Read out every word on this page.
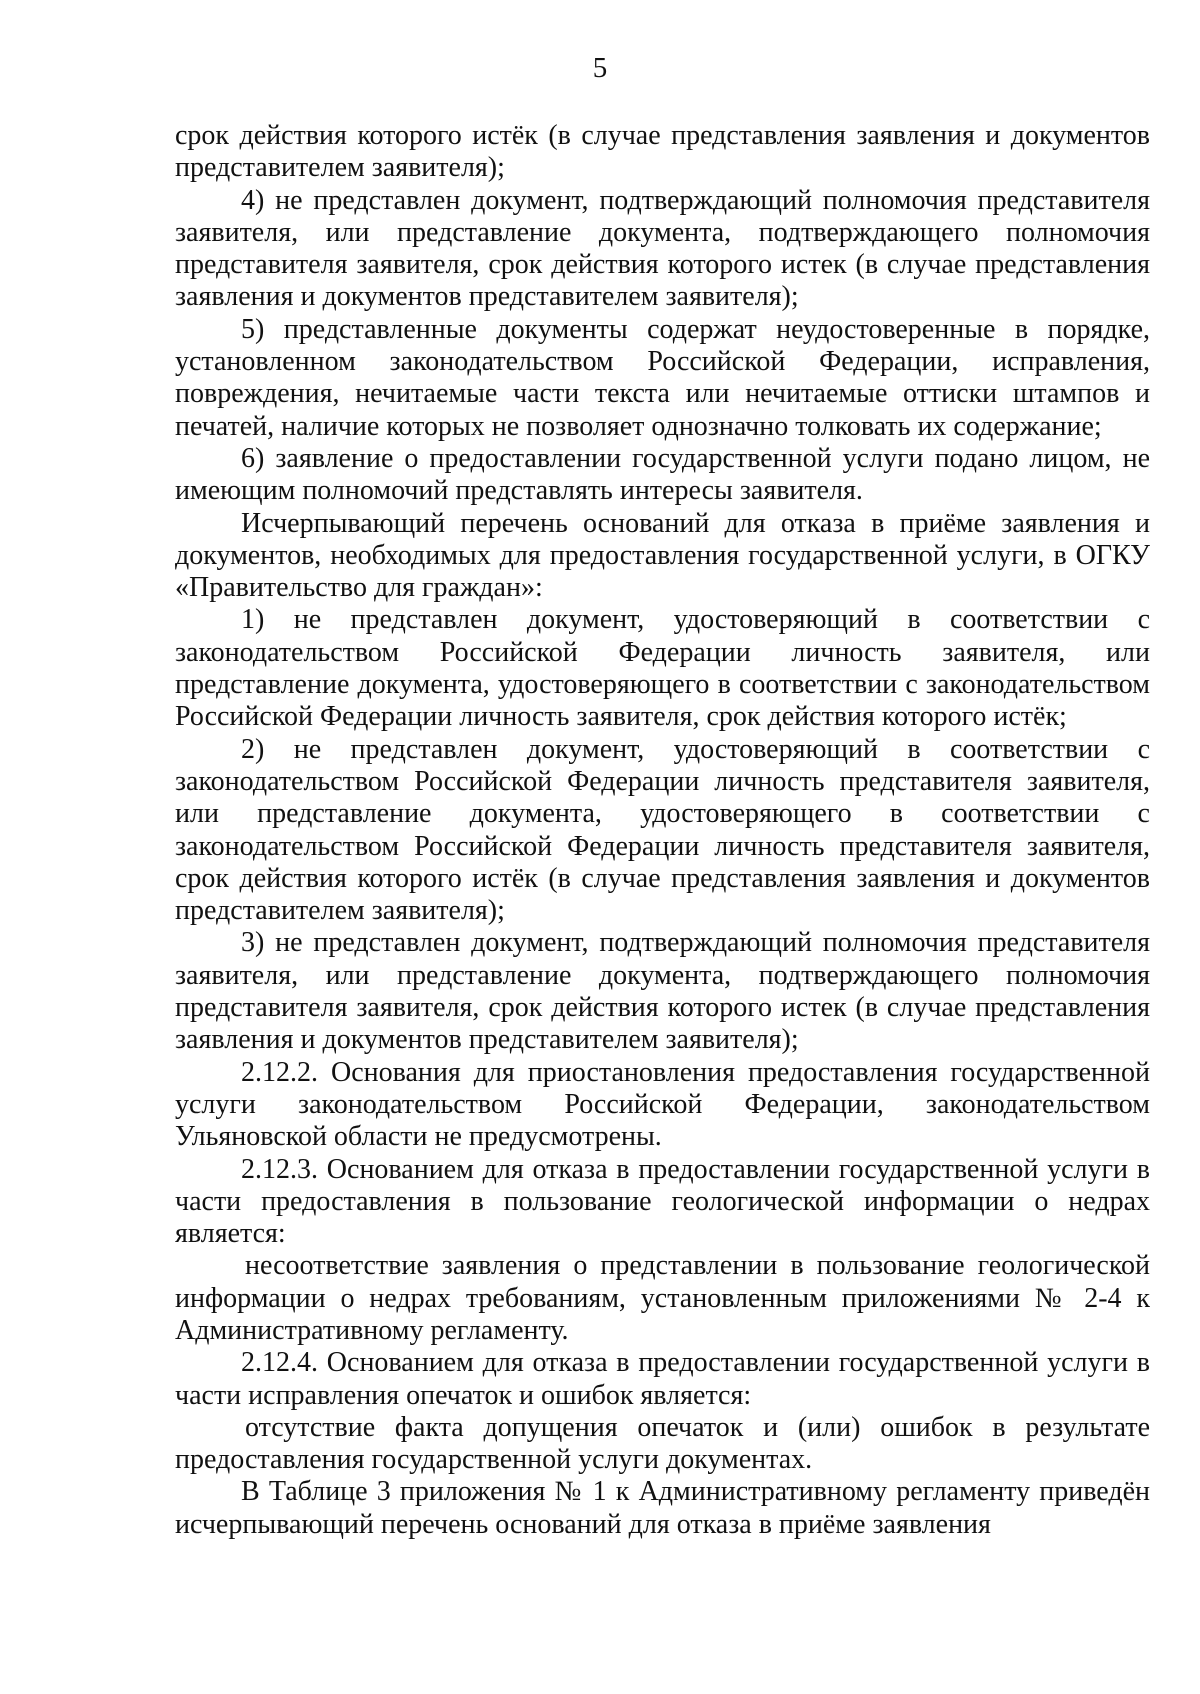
5

срок действия которого истёк (в случае представления заявления и документов представителем заявителя);

4) не представлен документ, подтверждающий полномочия представителя заявителя, или представление документа, подтверждающего полномочия представителя заявителя, срок действия которого истек (в случае представления заявления и документов представителем заявителя);

5) представленные документы содержат неудостоверенные в порядке, установленном законодательством Российской Федерации, исправления, повреждения, нечитаемые части текста или нечитаемые оттиски штампов и печатей, наличие которых не позволяет однозначно толковать их содержание;

6) заявление о предоставлении государственной услуги подано лицом, не имеющим полномочий представлять интересы заявителя.

Исчерпывающий перечень оснований для отказа в приёме заявления и документов, необходимых для предоставления государственной услуги, в ОГКУ «Правительство для граждан»:

1) не представлен документ, удостоверяющий в соответствии с законодательством Российской Федерации личность заявителя, или представление документа, удостоверяющего в соответствии с законодательством Российской Федерации личность заявителя, срок действия которого истёк;

2) не представлен документ, удостоверяющий в соответствии с законодательством Российской Федерации личность представителя заявителя, или представление документа, удостоверяющего в соответствии с законодательством Российской Федерации личность представителя заявителя, срок действия которого истёк (в случае представления заявления и документов представителем заявителя);

3) не представлен документ, подтверждающий полномочия представителя заявителя, или представление документа, подтверждающего полномочия представителя заявителя, срок действия которого истек (в случае представления заявления и документов представителем заявителя);

2.12.2. Основания для приостановления предоставления государственной услуги законодательством Российской Федерации, законодательством Ульяновской области не предусмотрены.

2.12.3. Основанием для отказа в предоставлении государственной услуги в части предоставления в пользование геологической информации о недрах является:

несоответствие заявления о представлении в пользование геологической информации о недрах требованиям, установленным приложениями № 2-4 к Административному регламенту.

2.12.4. Основанием для отказа в предоставлении государственной услуги в части исправления опечаток и ошибок является:

отсутствие факта допущения опечаток и (или) ошибок в результате предоставления государственной услуги документах.

В Таблице 3 приложения № 1 к Административному регламенту приведён исчерпывающий перечень оснований для отказа в приёме заявления
